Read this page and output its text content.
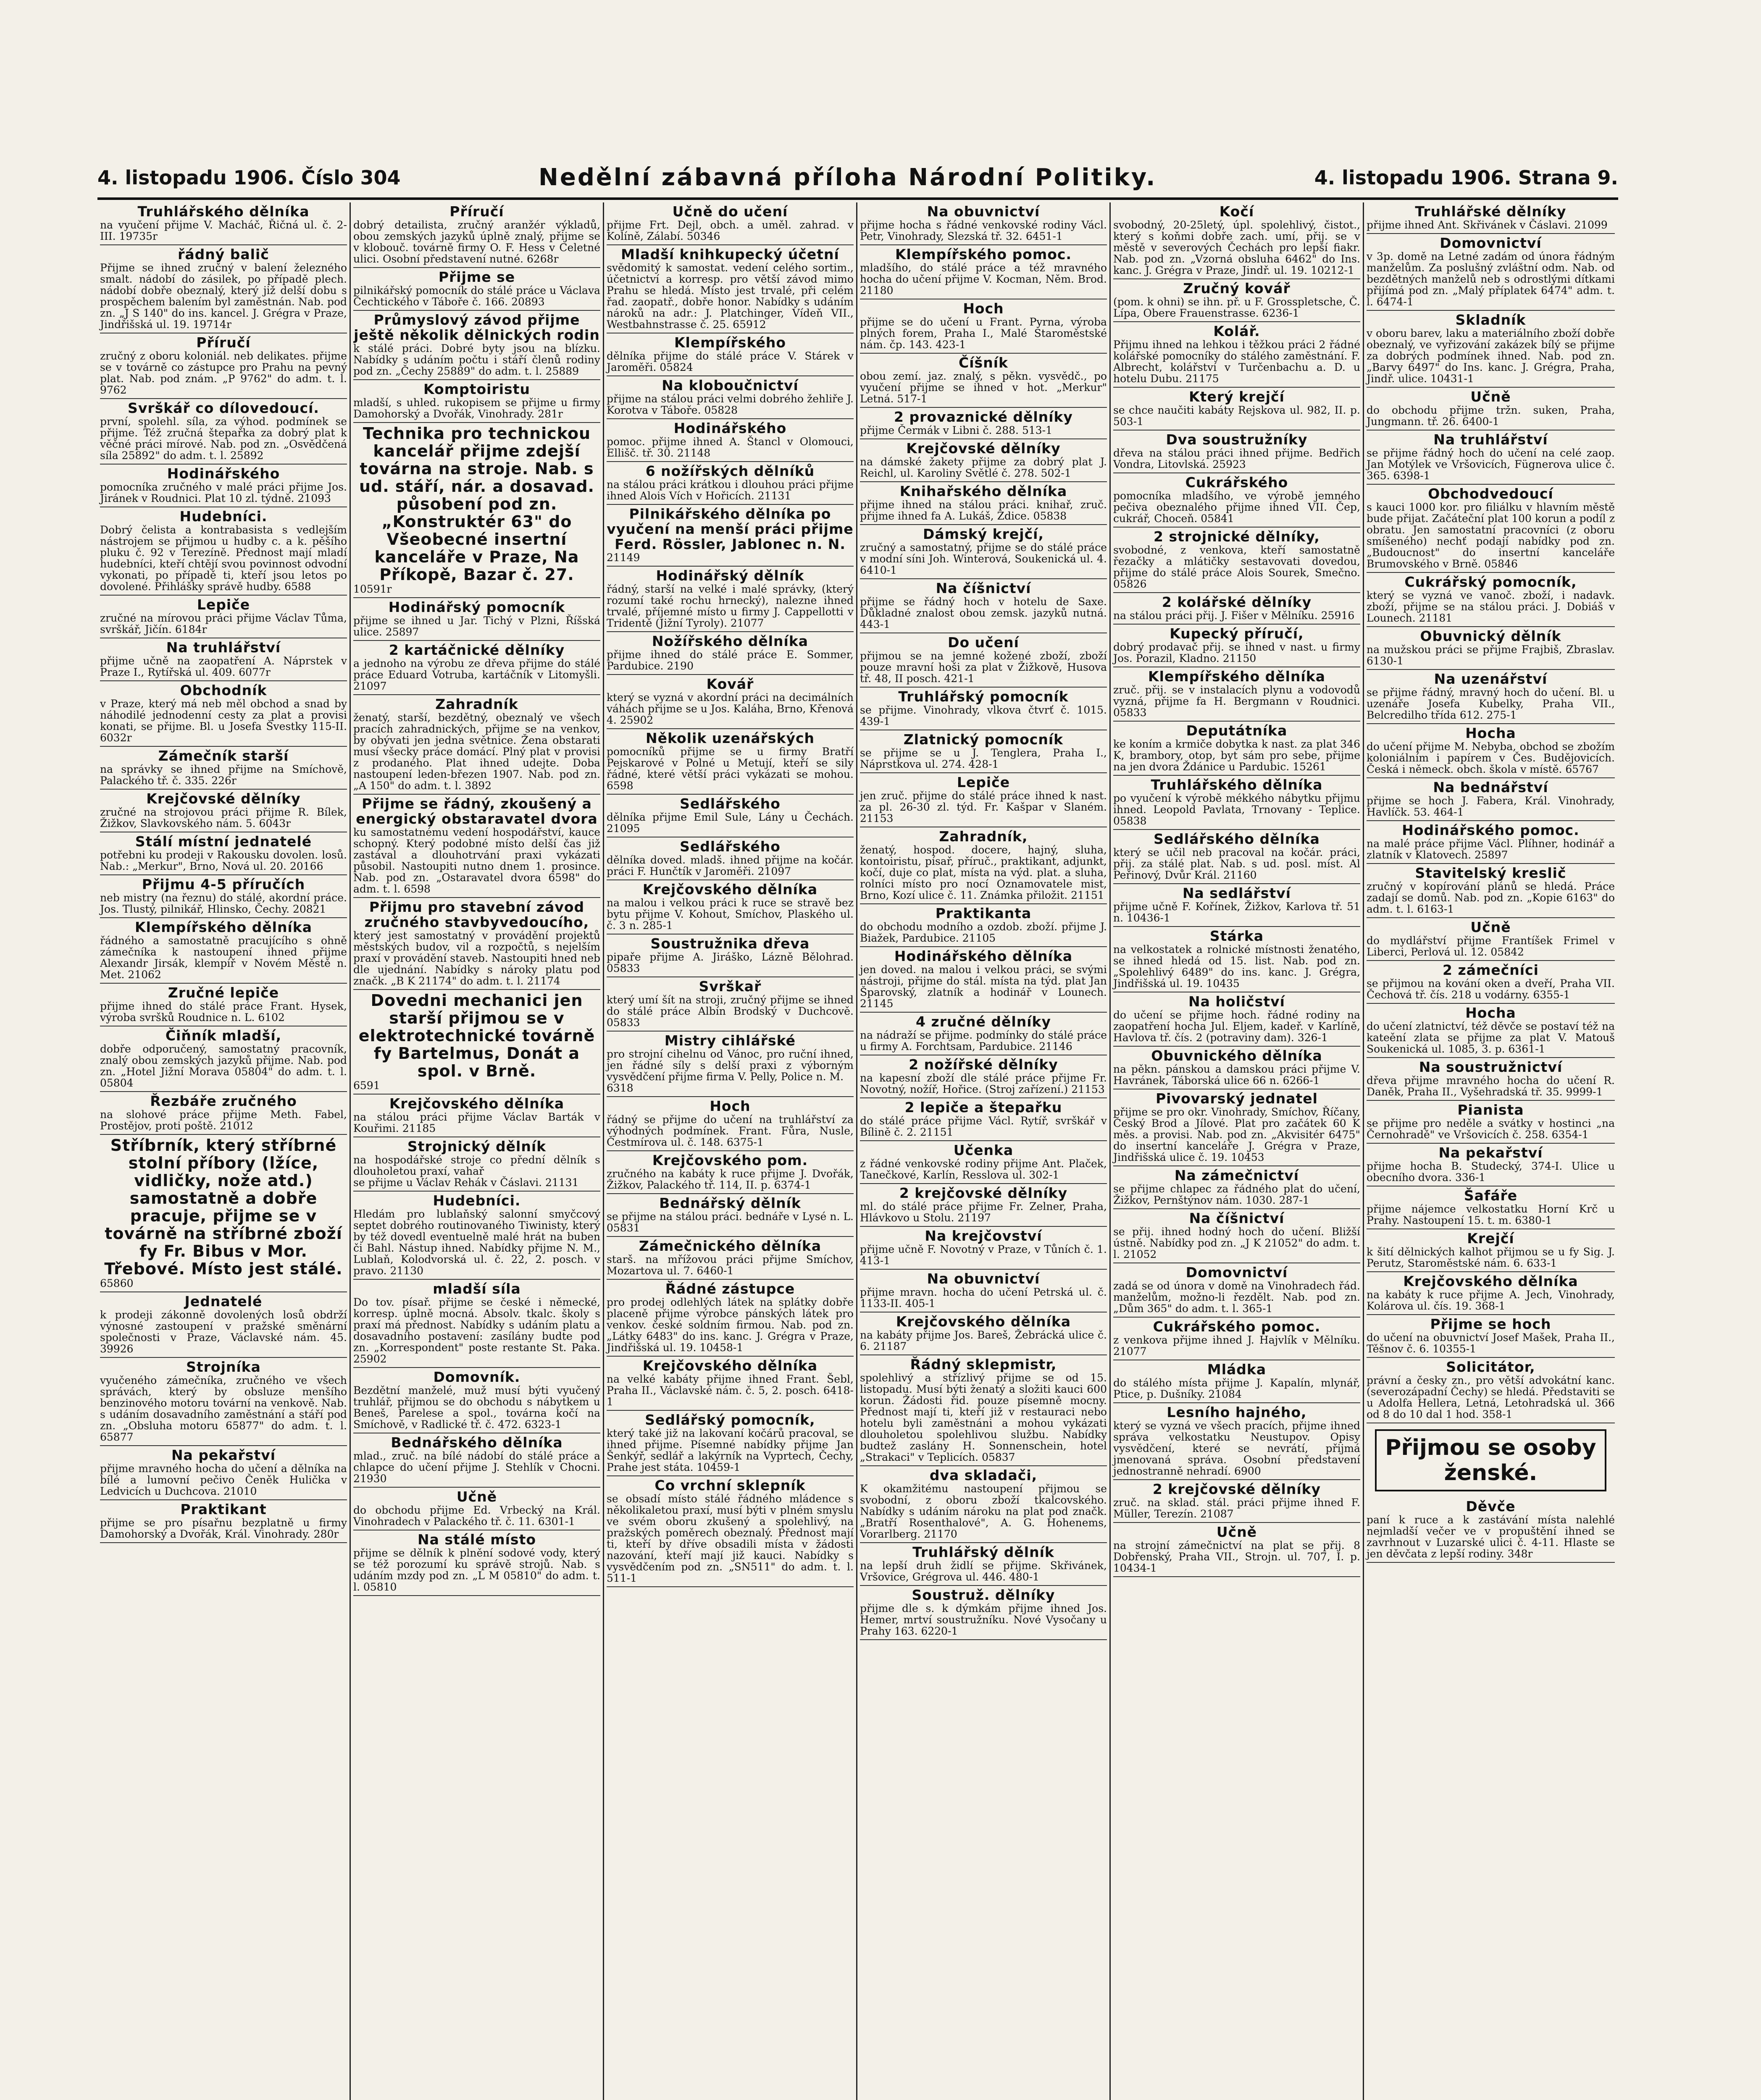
4. listopadu 1906. Číslo 304	Nedělní zábavná příloha Národní Politiky.	4. listopadu 1906. Strana 9.
Truhlářského dělníka
na vyučení přijme V. Macháč, Řičná ul. č. 2-III. 19735r
řádný balič
Přijme se ihned zručný v balení železného smalt. nádobí do zásilek, po případě plech. nádobí dobře obeznalý, který již delší dobu s prospěchem balením byl zaměstnán. Nab. pod zn. „J S 140" do ins. kancel. J. Grégra v Praze, Jindřišská ul. 19. 19714r
Příručí
zručný z oboru koloniál. neb delikates. přijme se v továrně co zástupce pro Prahu na pevný plat. Nab. pod znám. „P 9762" do adm. t. l. 9762
Svrškář co dílovedoucí.
první, spolehl. síla, za výhod. podmínek se přijme. Též zručná štepařka za dobrý plat k věčné práci mírové. Nab. pod zn. „Osvědčená síla 25892" do adm. t. l. 25892
Hodinářského
pomocníka zručného v malé práci přijme Jos. Jiránek v Roudnici. Plat 10 zl. týdně. 21093
Hudebníci.
Dobrý čelista a kontrabasista s vedlejším nástrojem se přijmou u hudby c. a k. pěšího pluku č. 92 v Terezíně. Přednost mají mladí hudebníci, kteří chtějí svou povinnost odvodní vykonati, po případě ti, kteří jsou letos po dovolené. Přihlášky správě hudby. 6588
Lepiče
zručné na mírovou práci přijme Václav Tůma, svrškář, Jičín. 6184r
Na truhlářství
přijme učně na zaopatření A. Náprstek v Praze I., Rytířská ul. 409. 6077r
Obchodník
v Praze, který má neb měl obchod a snad by náhodilé jednodenní cesty za plat a provisi konati, se přijme. Bl. u Josefa Švestky 115-II. 6032r
Zámečník starší
na správky se ihned přijme na Smíchově, Palackého tř. č. 335. 226r
Krejčovské dělníky
zručné na strojovou práci přijme R. Bílek, Žižkov, Slavkovského nám. 5. 6043r
Stálí místní jednatelé
potřebni ku prodeji v Rakousku dovolen. losů. Nab.: „Merkur", Brno, Nová ul. 20. 20166
Přijmu 4-5 příručích
neb mistry (na řeznu) do stálé, akordní práce. Jos. Tlustý, pilnikář, Hlinsko, Čechy. 20821
Klempířského dělníka
řádného a samostatně pracujícího s ohně zámečníka k nastoupení ihned přijme Alexandr Jirsák, klempíř v Novém Městě n. Met. 21062
Zručné lepiče
přijme ihned do stálé práce Frant. Hysek, výroba svršků Roudnice n. L. 6102
Čiňník mladší,
dobře odporučený, samostatný pracovník, znalý obou zemských jazyků přijme. Nab. pod zn. „Hotel Jižní Morava 05804" do adm. t. l. 05804
Řezbáře zručného
na slohové práce přijme Meth. Fabel, Prostějov, proti poště. 21012
Stříbrník, který stříbrné stolní příbory (lžíce, vidličky, nože atd.) samostatně a dobře pracuje, přijme se v továrně na stříbrné zboží fy Fr. Bibus v Mor. Třebové. Místo jest stálé.
65860
Jednatelé
k prodeji zákonně dovolených losů obdrží výnosné zastoupení v pražské směnární společnosti v Praze, Václavské nám. 45. 39926
Strojníka
vyučeného zámečníka, zručného ve všech správách, který by obsluze menšího benzinového motoru tovární na venkově. Nab. s udáním dosavadního zaměstnání a stáří pod zn. „Obsluha motoru 65877" do adm. t. l. 65877
Na pekařství
přijme mravného hocha do učení a dělníka na bílé a lumovní pečivo Čeněk Hulička v Ledvicích u Duchcova. 21010
Praktikant
přijme se pro písařnu bezplatně u firmy Damohorský a Dvořák, Král. Vinohrady. 280r
Příručí
dobrý detailista, zručný aranžér výkladů, obou zemských jazyků úplně znalý, přijme se v klobouč. továrně firmy O. F. Hess v Celetné ulici. Osobní představení nutné. 6268r
Přijme se
pilnikářský pomocník do stálé práce u Václava Čechtického v Táboře č. 166. 20893
Průmyslový závod přijme ještě několik dělnických rodin
k stálé práci. Dobré byty jsou na blízku. Nabídky s udáním počtu i stáří členů rodiny pod zn. „Čechy 25889" do adm. t. l. 25889
Komptoiristu
mladší, s uhled. rukopisem se přijme u firmy Damohorský a Dvořák, Vinohrady. 281r
Technika pro technickou kancelář přijme zdejší továrna na stroje. Nab. s ud. stáří, nár. a dosavad. působení pod zn. „Konstruktér 63" do Všeobecné insertní kanceláře v Praze, Na Příkopě, Bazar č. 27.
10591r
Hodinářský pomocník
přijme se ihned u Jar. Tichý v Plzni, Říšská ulice. 25897
2 kartáčnické dělníky
a jednoho na výrobu ze dřeva přijme do stálé práce Eduard Votruba, kartáčník v Litomyšli. 21097
Zahradník
ženatý, starší, bezdětný, obeznalý ve všech pracích zahradnických, přijme se na venkov, by obývati jen jedna světnice. Žena obstarati musí všecky práce domácí. Plný plat v provisi z prodaného. Plat ihned udejte. Doba nastoupení leden-březen 1907. Nab. pod zn. „A 150" do adm. t. l. 3892
Přijme se řádný, zkoušený a energický obstaravatel dvora
ku samostatnému vedení hospodářství, kauce schopný. Který podobné místo delší čas již zastával a dlouhotrvání praxi vykázati působil. Nastoupiti nutno dnem 1. prosince. Nab. pod zn. „Ostaravatel dvora 6598" do adm. t. l. 6598
Přijmu pro stavební závod zručného stavbyvedoucího,
který jest samostatný v provádění projektů městských budov, vil a rozpočtů, s nejelším praxí v provádění staveb. Nastoupiti hned neb dle ujednání. Nabídky s nároky platu pod značk. „B K 21174" do adm. t. l. 21174
Dovedni mechanici jen starší přijmou se v elektrotechnické továrně fy Bartelmus, Donát a spol. v Brně.
6591
Krejčovského dělníka
na stálou práci přijme Václav Barták v Kouřimi. 21185
Strojnický dělník
na hospodářské stroje co přední dělník s dlouholetou praxí, vahař
se přijme u Václav Rehák v Čáslavi. 21131
Hudebníci.
Hledám pro lublaňský salonní smyčcový septet dobrého routinovaného Tiwinisty, který by též dovedl eventuelně malé hrát na buben či Bahl. Nástup ihned. Nabídky přijme N. M., Lublaň, Kolodvorská ul. č. 22, 2. posch. v pravo. 21130
mladší síla
Do tov. písař. přijme se české i německé, korresp. úplně mocná. Absolv. tkalc. školy s praxí má přednost. Nabídky s udáním platu a dosavadního postavení: zasílány budte pod zn. „Korrespondent" poste restante St. Paka. 25902
Domovník.
Bezdětní manželé, muž musí býti vyučený truhlář, přijmou se do obchodu s nábytkem u Beneš, Parelese a spol., továrna kočí na Smíchově, v Radlické tř. č. 472. 6323-1
Bednářského dělníka
mlad., zruč. na bílé nádobí do stálé práce a chlapce do učení přijme J. Stehlík v Chocni. 21930
Učně
do obchodu přijme Ed. Vrbecký na Král. Vinohradech v Palackého tř. č. 11. 6301-1
Na stálé místo
přijme se dělník k plnění sodové vody, který se též porozumí ku správě strojů. Nab. s udáním mzdy pod zn. „L M 05810" do adm. t. l. 05810
Učně do učení
přijme Frt. Dejl, obch. a uměl. zahrad. v Kolíně, Zálabí. 50346
Mladší knihkupecký účetní
svědomitý k samostat. vedení celého sortim., účetnictví a korresp. pro větší závod mimo Prahu se hledá. Místo jest trvalé, při celém řad. zaopatř., dobře honor. Nabídky s udáním nároků na adr.: J. Platchinger, Vídeň VII., Westbahnstrasse č. 25. 65912
Klempířského
dělníka přijme do stálé práce V. Stárek v Jaroměři. 05824
Na kloboučnictví
přijme na stálou práci velmi dobrého žehliře J. Korotva v Táboře. 05828
Hodinářského
pomoc. přijme ihned A. Štancl v Olomouci, Ellišč. tř. 30. 21148
6 nožířských dělníků
na stálou práci krátkou i dlouhou práci přijme ihned Alois Vích v Hořicích. 21131
Pilnikářského dělníka po vyučení na menší práci přijme Ferd. Rössler, Jablonec n. N.
21149
Hodinářský dělník
řádný, starší na velké i malé správky, (který rozumí také rochu hrnecký), nalezne ihned trvalé, příjemné místo u firmy J. Cappellotti v Tridentě (Jižní Tyroly). 21077
Nožířského dělníka
přijme ihned do stálé práce E. Sommer, Pardubice. 2190
Kovář
který se vyzná v akordní práci na decimálních váhách přijme se u Jos. Kaláha, Brno, Křenová 4. 25902
Několik uzenářských
pomocníků přijme se u firmy Bratří Pejskarové v Polné u Metují, kteří se sily řádné, které větší práci vykázati se mohou. 6598
Sedlářského
dělníka přijme Emil Sule, Lány u Čechách. 21095
Sedlářského
dělníka doved. mladš. ihned přijme na kočár. práci F. Hunčtík v Jaroměři. 21097
Krejčovského dělníka
na malou i velkou práci k ruce se stravě bez bytu přijme V. Kohout, Smíchov, Plaského ul. č. 3 n. 285-1
Soustružnika dřeva
pipaře přijme A. Jiráško, Lázně Bělohrad. 05833
Svrškař
který umí šít na stroji, zručný přijme se ihned do stálé práce Albín Brodský v Duchcově. 05833
Mistry cihlářské
pro strojní cihelnu od Vánoc, pro ruční ihned, jen řádné síly s delší praxi z výborným vysvědčení přijme firma V. Pelly, Police n. M.
6318
Hoch
řádný se přijme do učení na truhlářství za výhodných podmínek. Frant. Fůra, Nusle, Čestmírova ul. č. 148. 6375-1
Krejčovského pom.
zručného na kabáty k ruce přijme J. Dvořák, Žižkov, Palackého tř. 114, II. p. 6374-1
Bednářský dělník
se přijme na stálou práci. bednáře v Lysé n. L. 05831
Zámečnického dělníka
starš. na mřížovou práci přijme Smíchov, Mozartova ul. 7. 6460-1
Řádné zástupce
pro prodej odlehlých látek na splátky dobře placeně přijme výrobce pánských látek pro venkov. české soldním firmou. Nab. pod zn. „Látky 6483" do ins. kanc. J. Grégra v Praze, Jindřišská ul. 19. 10458-1
Krejčovského dělníka
na velké kabáty přijme ihned Frant. Šebl, Praha II., Václavské nám. č. 5, 2. posch. 6418-1
Sedlářský pomocník,
který také již na lakovaní kočárů pracoval, se ihned přijme. Písemné nabídky přijme Jan Šenkýř, sedlář a lakýrník na Vyprtech, Čechy, Prahe jest státa. 10459-1
Co vrchní sklepník
se obsadí místo stálé řádného mládence s několikaletou praxí, musí býti v plném smyslu ve svém oboru zkušený a spolehlivý, na pražských poměrech obeznalý. Přednost mají ti, kteří by dříve obsadili místa v žádosti nazování, kteří mají již kauci. Nabídky s vysvědčením pod zn. „SN511" do adm. t. l. 511-1
Na obuvnictví
přijme hocha s řádné venkovské rodiny Václ. Petr, Vinohrady, Slezská tř. 32. 6451-1
Klempířského pomoc.
mladšího, do stálé práce a též mravného hocha do učení přijme V. Kocman, Něm. Brod. 21180
Hoch
přijme se do učení u Frant. Pyrna, výroba plných forem, Praha I., Malé Staroměstské nám. čp. 143. 423-1
Číšník
obou zemí. jaz. znalý, s pěkn. vysvědč., po vyučení přijme se ihned v hot. „Merkur" Letná. 517-1
2 provaznické dělníky
přijme Čermák v Libni č. 288. 513-1
Krejčovské dělníky
na dámské žakety přijme za dobrý plat J. Reichl, ul. Karoliny Světlé č. 278. 502-1
Knihařského dělníka
přijme ihned na stálou práci. knihař, zruč. přijme ihned fa A. Lukáš, Zdice. 05838
Dámský krejčí,
zručný a samostatný, přijme se do stálé práce v modní síni Joh. Winterová, Soukenická ul. 4. 6410-1
Na číšnictví
přijme se řádný hoch v hotelu de Saxe. Důkladné znalost obou zemsk. jazyků nutná. 443-1
Do učení
přijmou se na jemné kožené zboží, zboží pouze mravní hoši za plat v Žižkově, Husova tř. 48, II posch. 421-1
Truhlářský pomocník
se přijme. Vinohrady, vlkova čtvrť č. 1015. 439-1
Zlatnický pomocník
se přijme se u J. Tenglera, Praha I., Náprstkova ul. 274. 428-1
Lepiče
jen zruč. přijme do stálé práce ihned k nast. za pl. 26-30 zl. týd. Fr. Kašpar v Slaném. 21153
Zahradník,
ženatý, hospod. docere, hajný, sluha, kontoiristu, písař, příruč., praktikant, adjunkt, kočí, duje co plat, místa na výd. plat. a sluha, rolníci místo pro nocí Oznamovatele mist, Brno, Kozí ulice č. 11. Známka přiložit. 21151
Praktikanta
do obchodu modního a ozdob. zboží. přijme J. Biažek, Pardubice. 21105
Hodinářského dělníka
jen doved. na malou i velkou práci, se svými nástroji, přijme do stál. místa na týd. plat Jan Šparovský, zlatník a hodinář v Lounech. 21145
4 zručné dělníky
na nádraží se přijme. podmínky do stálé práce u firmy A. Forchtsam, Pardubice. 21146
2 nožířské dělníky
na kapesní zboží dle stálé práce přijme Fr. Novotný, nožíř, Hořice. (Stroj zařízení.) 21153
2 lepiče a štepařku
do stálé práce přijme Václ. Rytíř, svrškář v Bílině č. 2. 21151
Učenka
z řádné venkovské rodiny přijme Ant. Plaček, Tanečkové, Karlín, Resslova ul. 302-1
2 krejčovské dělníky
ml. do stálé práce přijme Fr. Zelner, Praha, Hlávkovo u Stolu. 21197
Na krejčovství
přijme učně F. Novotný v Praze, v Tůních č. 1. 413-1
Na obuvnictví
přijme mravn. hocha do učení Petrská ul. č. 1133-II. 405-1
Krejčovského dělníka
na kabáty přijme Jos. Bareš, Žebrácká ulice č. 6. 21187
Řádný sklepmistr,
spolehlivý a střízlivý přijme se od 15. listopadu. Musí býti ženatý a složiti kauci 600 korun. Žádosti řid. pouze písemně mocny. Přednost mají ti, kteří již v restauraci nebo hotelu byli zaměstnáni a mohou vykázati dlouholetou spolehlivou službu. Nabídky budtež zaslány H. Sonnenschein, hotel „Strakaci" v Teplicích. 05837
dva skladači,
K okamžitému nastoupení přijmou se svobodní, z oboru zboží tkalcovského. Nabídky s udáním nároku na plat pod značk. „Bratří Rosenthalové", A. G. Hohenems, Vorarlberg. 21170
Truhlářský dělník
na lepší druh židlí se přijme. Skřivánek, Vršovice, Grégrova ul. 446. 480-1
Soustruž. dělníky
přijme dle s. k dýmkám přijme ihned Jos. Hemer, mrtví soustružníku. Nové Vysočany u Prahy 163. 6220-1
Kočí
svobodný, 20-25letý, úpl. spolehlivý, čistot., který s koňmi dobře zach. umí, přij. se v městě v severových Čechách pro lepší fiakr. Nab. pod zn. „Vzorná obsluha 6462" do Ins. kanc. J. Grégra v Praze, Jindř. ul. 19. 10212-1
Zručný kovář
(pom. k ohni) se ihn. př. u F. Grosspletsche, Č. Lípa, Obere Frauenstrasse. 6236-1
Kolář.
Přijmu ihned na lehkou i těžkou práci 2 řádné kolářské pomocníky do stálého zaměstnání. F. Albrecht, kolářství v Turčenbachu a. D. u hotelu Dubu. 21175
Který krejčí
se chce naučiti kabáty Rejskova ul. 982, II. p. 503-1
Dva soustružníky
dřeva na stálou práci ihned přijme. Bedřich Vondra, Litovlská. 25923
Cukrářského
pomocníka mladšího, ve výrobě jemného pečiva obeznalého přijme ihned VII. Čep, cukrář, Choceň. 05841
2 strojnické dělníky,
svobodné, z venkova, kteří samostatně řezačky a mlátičky sestavovati dovedou, přijme do stálé práce Alois Sourek, Smečno. 05826
2 kolářské dělníky
na stálou práci přij. J. Fišer v Mělníku. 25916
Kupecký příručí,
dobrý prodavač přij. se ihned v nast. u firmy Jos. Porazil, Kladno. 21150
Klempířského dělníka
zruč. přij. se v instalacích plynu a vodovodů vyzná, přijme fa H. Bergmann v Roudnici. 05833
Deputátníka
ke koním a krmiče dobytka k nast. za plat 346 K, brambory, otop, byt sám pro sebe, přijme na jen dvora Ždánice u Pardubic. 15261
Truhlářského dělníka
po vyučení k výrobě mékkého nábytku přijmu ihned. Leopold Pavlata, Trnovany - Teplice. 05838
Sedlářského dělníka
který se učil neb pracoval na kočár. práci, přij. za stálé plat. Nab. s ud. posl. míst. Al Peřinový, Dvůr Král. 21160
Na sedlářství
přijme učně F. Kořínek, Žižkov, Karlova tř. 51 n. 10436-1
Stárka
na velkostatek a rolnické místnosti ženatého, se ihned hledá od 15. list. Nab. pod zn. „Spolehlivý 6489" do ins. kanc. J. Grégra, Jindřišská ul. 19. 10435
Na holičství
do učení se přijme hoch. řádné rodiny na zaopatření hocha Jul. Eljem, kadeř. v Karlíně, Havlova tř. čís. 2 (potraviny dam). 326-1
Obuvnického dělníka
na pěkn. pánskou a damskou práci přijme V. Havránek, Táborská ulice 66 n. 6266-1
Pivovarský jednatel
přijme se pro okr. Vinohrady, Smíchov, Říčany, Český Brod a Jílové. Plat pro začátek 60 K měs. a provisi. Nab. pod zn. „Akvisitér 6475" do insertní kanceláře J. Grégra v Praze, Jindřišská ulice č. 19. 10453
Na zámečnictví
se přijme chlapec za řádného plat do učení, Žižkov, Pernštýnov nám. 1030. 287-1
Na číšnictví
se přij. ihned hodný hoch do učení. Bližší ústně. Nabídky pod zn. „J K 21052" do adm. t. l. 21052
Domovnictví
zadá se od února v domě na Vinohradech řád. manželům, možno-li řezdělt. Nab. pod zn. „Dům 365" do adm. t. l. 365-1
Cukrářského pomoc.
z venkova přijme ihned J. Hajvlík v Mělníku. 21077
Mládka
do stálého místa přijme J. Kapalín, mlynář, Ptice, p. Dušníky. 21084
Lesního hajného,
který se vyzná ve všech pracích, přijme ihned správa velkostatku Neustupov. Opisy vysvědčení, které se nevrátí, přijmá jmenovaná správa. Osobní představení jednostranně nehradí. 6900
2 krejčovské dělníky
zruč. na sklad. stál. práci přijme ihned F. Müller, Terezín. 21087
Učně
na strojní zámečnictví na plat se přij. 8 Dobřenský, Praha VII., Strojn. ul. 707, I. p. 10434-1
Truhlářské dělníky
přijme ihned Ant. Skřivánek v Čáslavi. 21099
Domovnictví
v 3p. domě na Letné zadám od února řádným manželům. Za poslušný zvláštní odm. Nab. od bezdětných manželů neb s odrostlými dítkami přijímá pod zn. „Malý příplatek 6474" adm. t. l. 6474-1
Skladník
v oboru barev, laku a materiálního zboží dobře obeznalý, ve vyřizování zakázek bílý se přijme za dobrých podmínek ihned. Nab. pod zn. „Barvy 6497" do Ins. kanc. J. Grégra, Praha, Jindř. ulice. 10431-1
Učně
do obchodu přijme tržn. suken, Praha, Jungmann. tř. 26. 6400-1
Na truhlářství
se přijme řádný hoch do učení na celé zaop. Jan Motýlek ve Vršovicích, Fügnerova ulice č. 365. 6398-1
Obchodvedoucí
s kauci 1000 kor. pro filiálku v hlavním městě bude přijat. Začáteční plat 100 korun a podíl z obratu. Jen samostatní pracovníci (z oboru smíšeného) nechť podají nabídky pod zn. „Budoucnost" do insertní kanceláře Brumovského v Brně. 05846
Cukrářský pomocník,
který se vyzná ve vanoč. zboží, i nadavk. zboží, přijme se na stálou práci. J. Dobiáš v Lounech. 21181
Obuvnický dělník
na mužskou práci se přijme Frajbiš, Zbraslav. 6130-1
Na uzenářství
se přijme řádný, mravný hoch do učení. Bl. u uzenáře Josefa Kubelky, Praha VII., Belcredilho třída 612. 275-1
Hocha
do učení přijme M. Nebyba, obchod se zbožím koloniálním i papírem v Čes. Budějovicích. Česká i německ. obch. škola v místě. 65767
Na bednářství
přijme se hoch J. Fabera, Král. Vinohrady, Havlíčk. 53. 464-1
Hodinářského pomoc.
na malé práce přijme Václ. Plíhner, hodinář a zlatník v Klatovech. 25897
Stavitelský kreslič
zručný v kopírování plánů se hledá. Práce zadají se domů. Nab. pod zn. „Kopie 6163" do adm. t. l. 6163-1
Učně
do mydlářství přijme Frantíšek Frimel v Liberci, Perlová ul. 12. 05842
2 zámečníci
se přijmou na kování oken a dveří, Praha VII. Čechová tř. čís. 218 u vodárny. 6355-1
Hocha
do učení zlatnictví, též děvče se postaví též na kateění zlata se přijme za plat V. Matouš Soukenická ul. 1085, 3. p. 6361-1
Na soustružnictví
dřeva přijme mravného hocha do učení R. Daněk, Praha II., Vyšehradská tř. 35. 9999-1
Pianista
se přijme pro neděle a svátky v hostinci „na Černohradě" ve Vršovicích č. 258. 6354-1
Na pekařství
přijme hocha B. Studecký, 374-I. Ulice u obecního dvora. 336-1
Šafáře
přijme nájemce velkostatku Horní Krč u Prahy. Nastoupení 15. t. m. 6380-1
Krejčí
k šití dělnických kalhot přijmou se u fy Sig. J. Perutz, Staroměstské nám. 6. 633-1
Krejčovského dělníka
na kabáty k ruce přijme A. Jech, Vinohrady, Kolárova ul. čís. 19. 368-1
Přijme se hoch
do učení na obuvnictví Josef Mašek, Praha II., Těšnov č. 6. 10355-1
Solicitátor,
právní a česky zn., pro větší advokátní kanc. (severozápadní Čechy) se hledá. Představiti se u Adolfa Hellera, Letná, Letohradská ul. 366 od 8 do 10 dal 1 hod. 358-1
Přijmou se osoby ženské.
Děvče
paní k ruce a k zastávání místa nalehlé nejmladší večer ve v propuštění ihned se zavrhnout v Luzarské ulici č. 4-11. Hlaste se jen děvčata z lepší rodiny. 348r
